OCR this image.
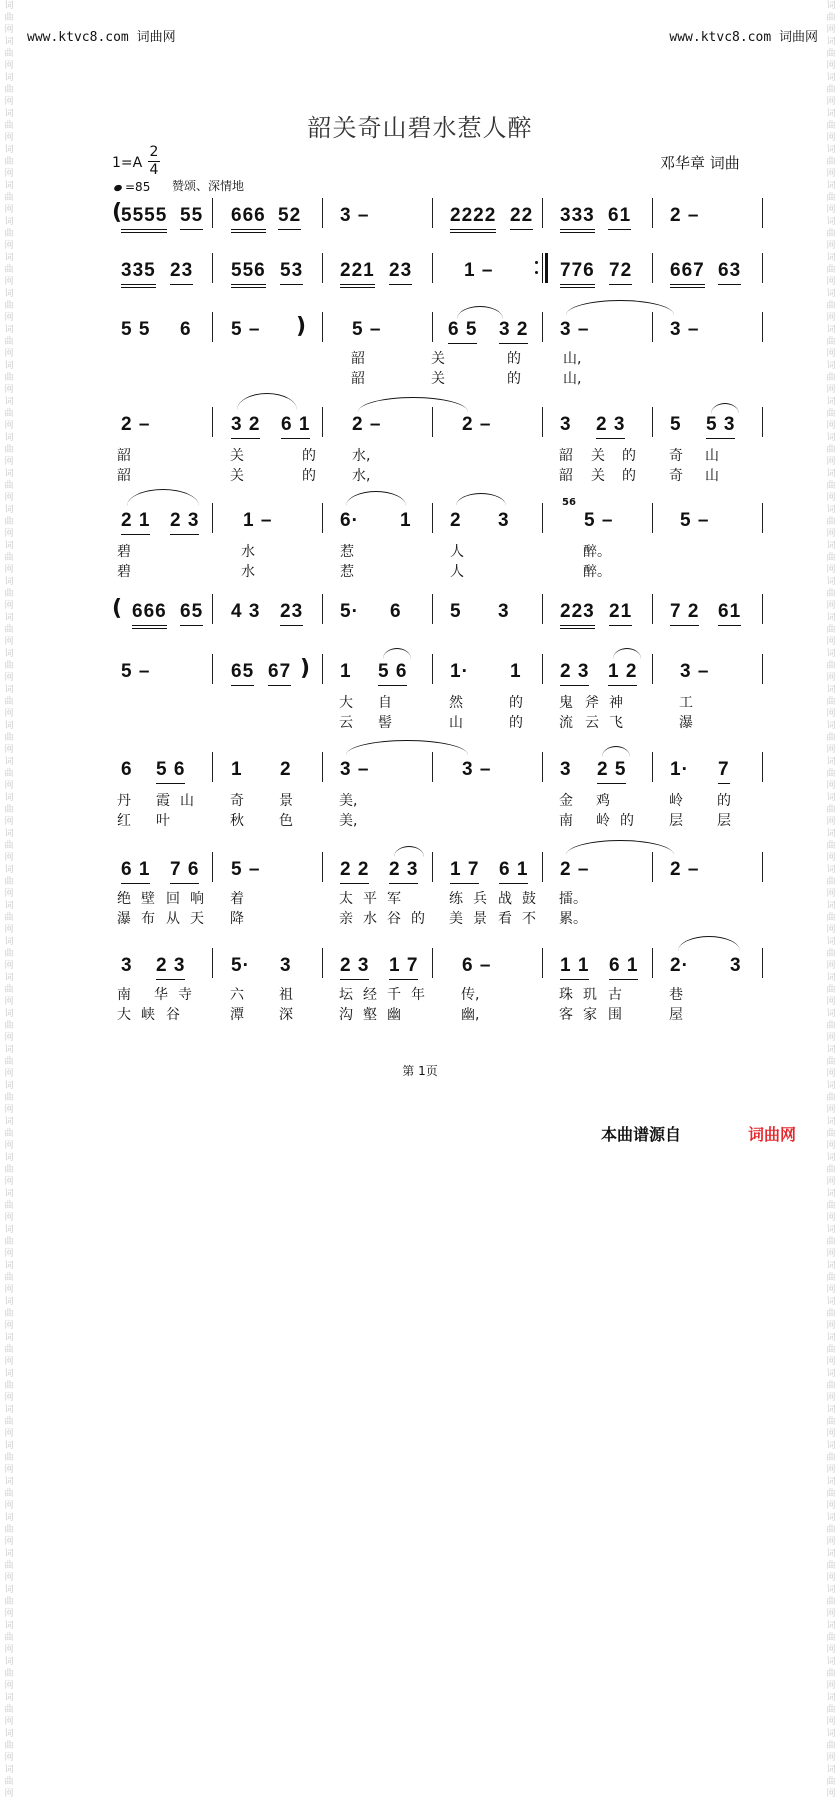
词曲网词曲网词曲网词曲网词曲网词曲网词曲网词曲网词曲网词曲网词曲网词曲网词曲网词曲网词曲网词曲网词曲网词曲网词曲网词曲网词曲网词曲网词曲网词曲网词曲网词曲网词曲网词曲网词曲网词曲网词曲网词曲网词曲网词曲网词曲网词曲网词曲网词曲网词曲网词曲网词曲网词曲网词曲网词曲网词曲网词曲网词曲网词曲网词曲网词曲网
词曲网词曲网词曲网词曲网词曲网词曲网词曲网词曲网词曲网词曲网词曲网词曲网词曲网词曲网词曲网词曲网词曲网词曲网词曲网词曲网词曲网词曲网词曲网词曲网词曲网词曲网词曲网词曲网词曲网词曲网词曲网词曲网词曲网词曲网词曲网词曲网词曲网词曲网词曲网词曲网词曲网词曲网词曲网词曲网词曲网词曲网词曲网词曲网词曲网词曲网
www.ktvc8.com 词曲网	www.ktvc8.com 词曲网
韶关奇山碧水惹人醉
1=A
2
4
=85 赞颂、深情地
邓华章 词曲
(
5555 55 666 52 3 –	2222 22 333 61 2 –
335 23 556 53 221 23	1 –	776 72 667 63
5 5 6 5 – ) 5 –	6 5 3 2 3 –	3 –
韶	关	的	山,
韶	关	的	山,
2 –	3 2 6 1 2 –	2 –	3 2 3 5 5 3
韶	关	的	水,	韶 关 的 奇 山
韶	关	的	水,	韶 关 的 奇 山
2 1 2 3 1 –	6· 1 2 3
56
5 –	5 –
碧	水	惹	人	醉。
碧	水	惹	人	醉。
( 666 65 4 3 23 5· 6	5 3	223 21 7 2 61
5 –	65 67 ) 1 5 6 1· 1 2 3 1 2 3 –
大 自	然	的	鬼 斧 神	工
云 髻	山	的	流 云 飞	瀑
6 5 6 1 2	3 –	3 –	3 2 5 1· 7
丹 霞 山	奇	景	美,	金 鸡	岭 的
红 叶	秋	色	美,	南 岭 的	层 层
6 1 7 6 5 –	2 2 2 3 1 7 6 1 2 –	2 –
绝 壁 回 响 着	太 平 军	练 兵 战 鼓 擂。
瀑 布 从 天 降	亲 水 谷 的 美 景 看 不 累。
3 2 3 5· 3	2 3 1 7 6 –	1 1 6 1 2· 3
南 华 寺	六	祖	坛 经 千 年	传,	珠 玑 古	巷
大 峡 谷	潭	深	沟 壑 幽	幽,	客 家 围	屋
第 1页
本曲谱源自	词曲网
